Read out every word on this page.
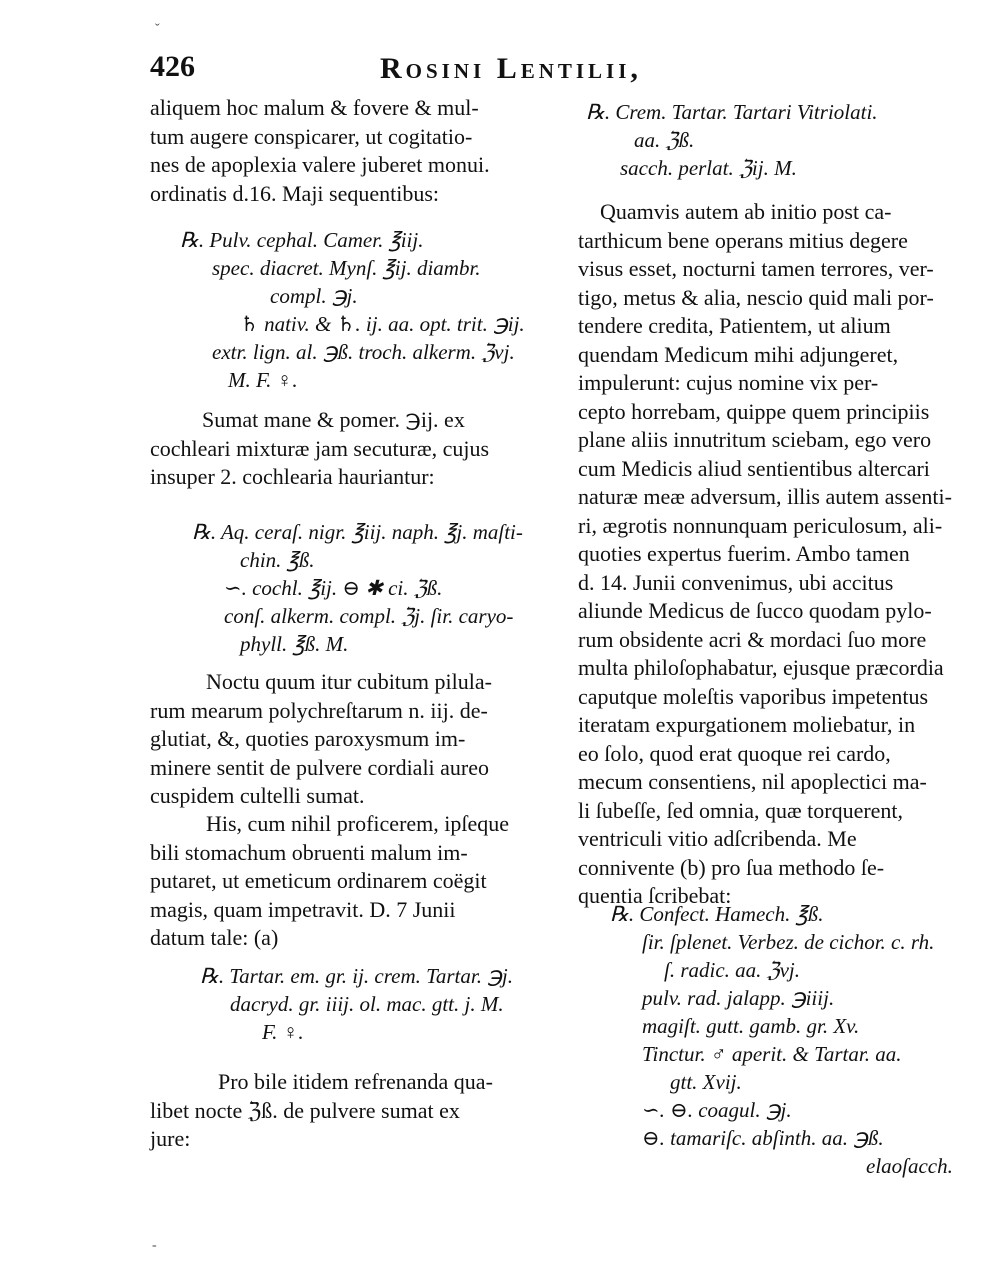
ˇ
426	Rosini Lentilii,

aliquem hoc malum & fovere & mul-
tum augere conspicarer, ut cogitatio-
nes de apoplexia valere juberet monui.
ordinatis d.16. Maji sequentibus:

℞. Pulv. cephal. Camer. ℥iij.
spec. diacret. Mynſ. ℥ij. diambr.
compl. ℈j.
♄ nativ. & ♄. ij. aa. opt. trit. ℈ij.
extr. lign. al. ℈ß. troch. alkerm. ℨvj.
M. F. ♀.

Sumat mane & pomer. ℈ij. ex
cochleari mixturæ jam secuturæ, cujus
insuper 2. cochlearia hauriantur:

℞. Aq. ceraſ. nigr. ℥iij. naph. ℥j. maſti-
chin. ℥ß.
∽. cochl. ℥ij. ⊖ ✱ ci. ℨß.
conſ. alkerm. compl. ℨj. ſir. caryo-
phyll. ℥ß. M.

Noctu quum itur cubitum pilula-
rum mearum polychreſtarum n. iij. de-
glutiat, &, quoties paroxysmum im-
minere sentit de pulvere cordiali aureo
cuspidem cultelli sumat.

His, cum nihil proficerem, ipſeque
bili stomachum obruenti malum im-
putaret, ut emeticum ordinarem coëgit
magis, quam impetravit. D. 7 Junii
datum tale: (a)

℞. Tartar. em. gr. ij. crem. Tartar. ℈j.
dacryd. gr. iiij. ol. mac. gtt. j. M.
F. ♀.

Pro bile itidem refrenanda qua-
libet nocte ℨß. de pulvere sumat ex
jure:

℞. Crem. Tartar. Tartari Vitriolati.
aa. ℨß.
sacch. perlat. ℨij. M.

Quamvis autem ab initio post ca-
tarthicum bene operans mitius degere
visus esset, nocturni tamen terrores, ver-
tigo, metus & alia, nescio quid mali por-
tendere credita, Patientem, ut alium
quendam Medicum mihi adjungeret,
impulerunt: cujus nomine vix per-
cepto horrebam, quippe quem principiis
plane aliis innutritum sciebam, ego vero
cum Medicis aliud sentientibus altercari
naturæ meæ adversum, illis autem assenti-
ri, ægrotis nonnunquam periculosum, ali-
quoties expertus fuerim. Ambo tamen
d. 14. Junii convenimus, ubi accitus
aliunde Medicus de ſucco quodam pylo-
rum obsidente acri & mordaci ſuo more
multa philoſophabatur, ejusque præcordia
caputque moleſtis vaporibus impetentus
iteratam expurgationem moliebatur, in
eo ſolo, quod erat quoque rei cardo,
mecum consentiens, nil apoplectici ma-
li ſubeſſe, ſed omnia, quæ torquerent,
ventriculi vitio adſcribenda. Me
connivente (b) pro ſua methodo ſe-
quentia ſcribebat:

℞. Confect. Hamech. ℥ß.
ſir. ſplenet. Verbez. de cichor. c. rh.
ſ. radic. aa. ℨvj.
pulv. rad. jalapp. ℈iiij.
magiſt. gutt. gamb. gr. Xv.
Tinctur. ♂ aperit. & Tartar. aa.
gtt. Xvij.
∽. ⊖. coagul. ℈j.
⊖. tamariſc. abſinth. aa. ℈ß.
elaoſacch.
-
